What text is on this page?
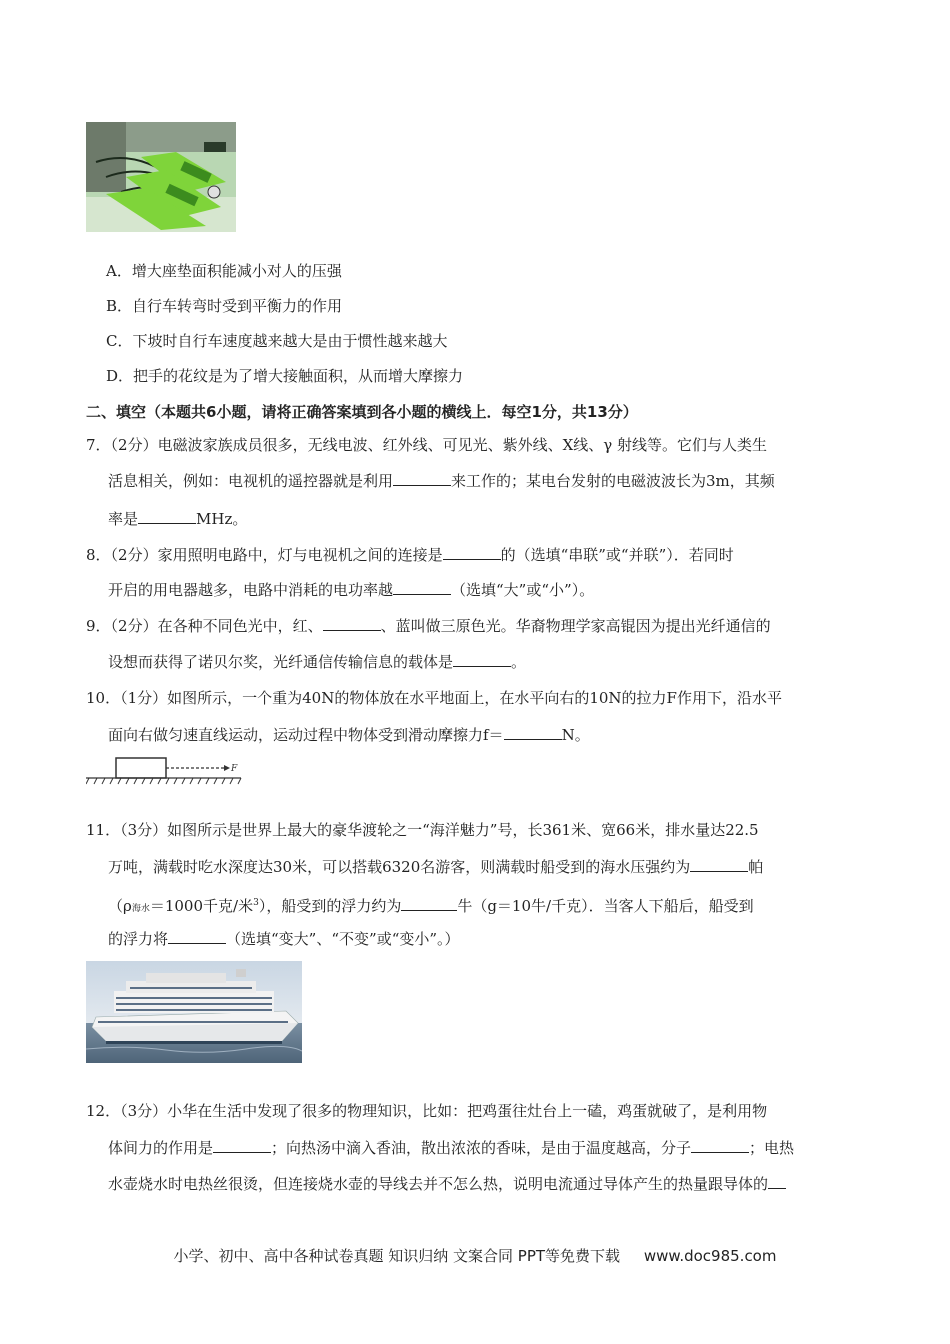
A．增大座垫面积能减小对人的压强
B．自行车转弯时受到平衡力的作用
C．下坡时自行车速度越来越大是由于惯性越来越大
D．把手的花纹是为了增大接触面积，从而增大摩擦力
二、填空（本题共6小题，请将正确答案填到各小题的横线上．每空1分，共13分）
7．（2分）电磁波家族成员很多，无线电波、红外线、可见光、紫外线、X线、γ 射线等。它们与人类生
活息相关，例如：电视机的遥控器就是利用	来工作的；某电台发射的电磁波波长为3m，其频
率是	MHz。
8．（2分）家用照明电路中，灯与电视机之间的连接是	的（选填“串联”或“并联”）．若同时
开启的用电器越多，电路中消耗的电功率越	（选填“大”或“小”）。
9．（2分）在各种不同色光中，红、	、蓝叫做三原色光。华裔物理学家高锟因为提出光纤通信的
设想而获得了诺贝尔奖，光纤通信传输信息的载体是	。
10．（1分）如图所示，一个重为40N的物体放在水平地面上，在水平向右的10N的拉力F作用下，沿水平
面向右做匀速直线运动，运动过程中物体受到滑动摩擦力f＝	N。
F
11．（3分）如图所示是世界上最大的豪华渡轮之一“海洋魅力”号，长361米、宽66米，排水量达22.5
万吨，满载时吃水深度达30米，可以搭载6320名游客，则满载时船受到的海水压强约为	帕
（ρ海水＝1000千克/米$^3$），船受到的浮力约为	牛（g＝10牛/千克）．当客人下船后，船受到
的浮力将	（选填“变大”、“不变”或“变小”。）
12．（3分）小华在生活中发现了很多的物理知识，比如：把鸡蛋往灶台上一磕，鸡蛋就破了，是利用物
体间力的作用是	；向热汤中滴入香油，散出浓浓的香味，是由于温度越高，分子	；电热
水壶烧水时电热丝很烫，但连接烧水壶的导线去并不怎么热，说明电流通过导体产生的热量跟导体的
小学、初中、高中各种试卷真题 知识归纳 文案合同 PPT等免费下载     www.doc985.com
